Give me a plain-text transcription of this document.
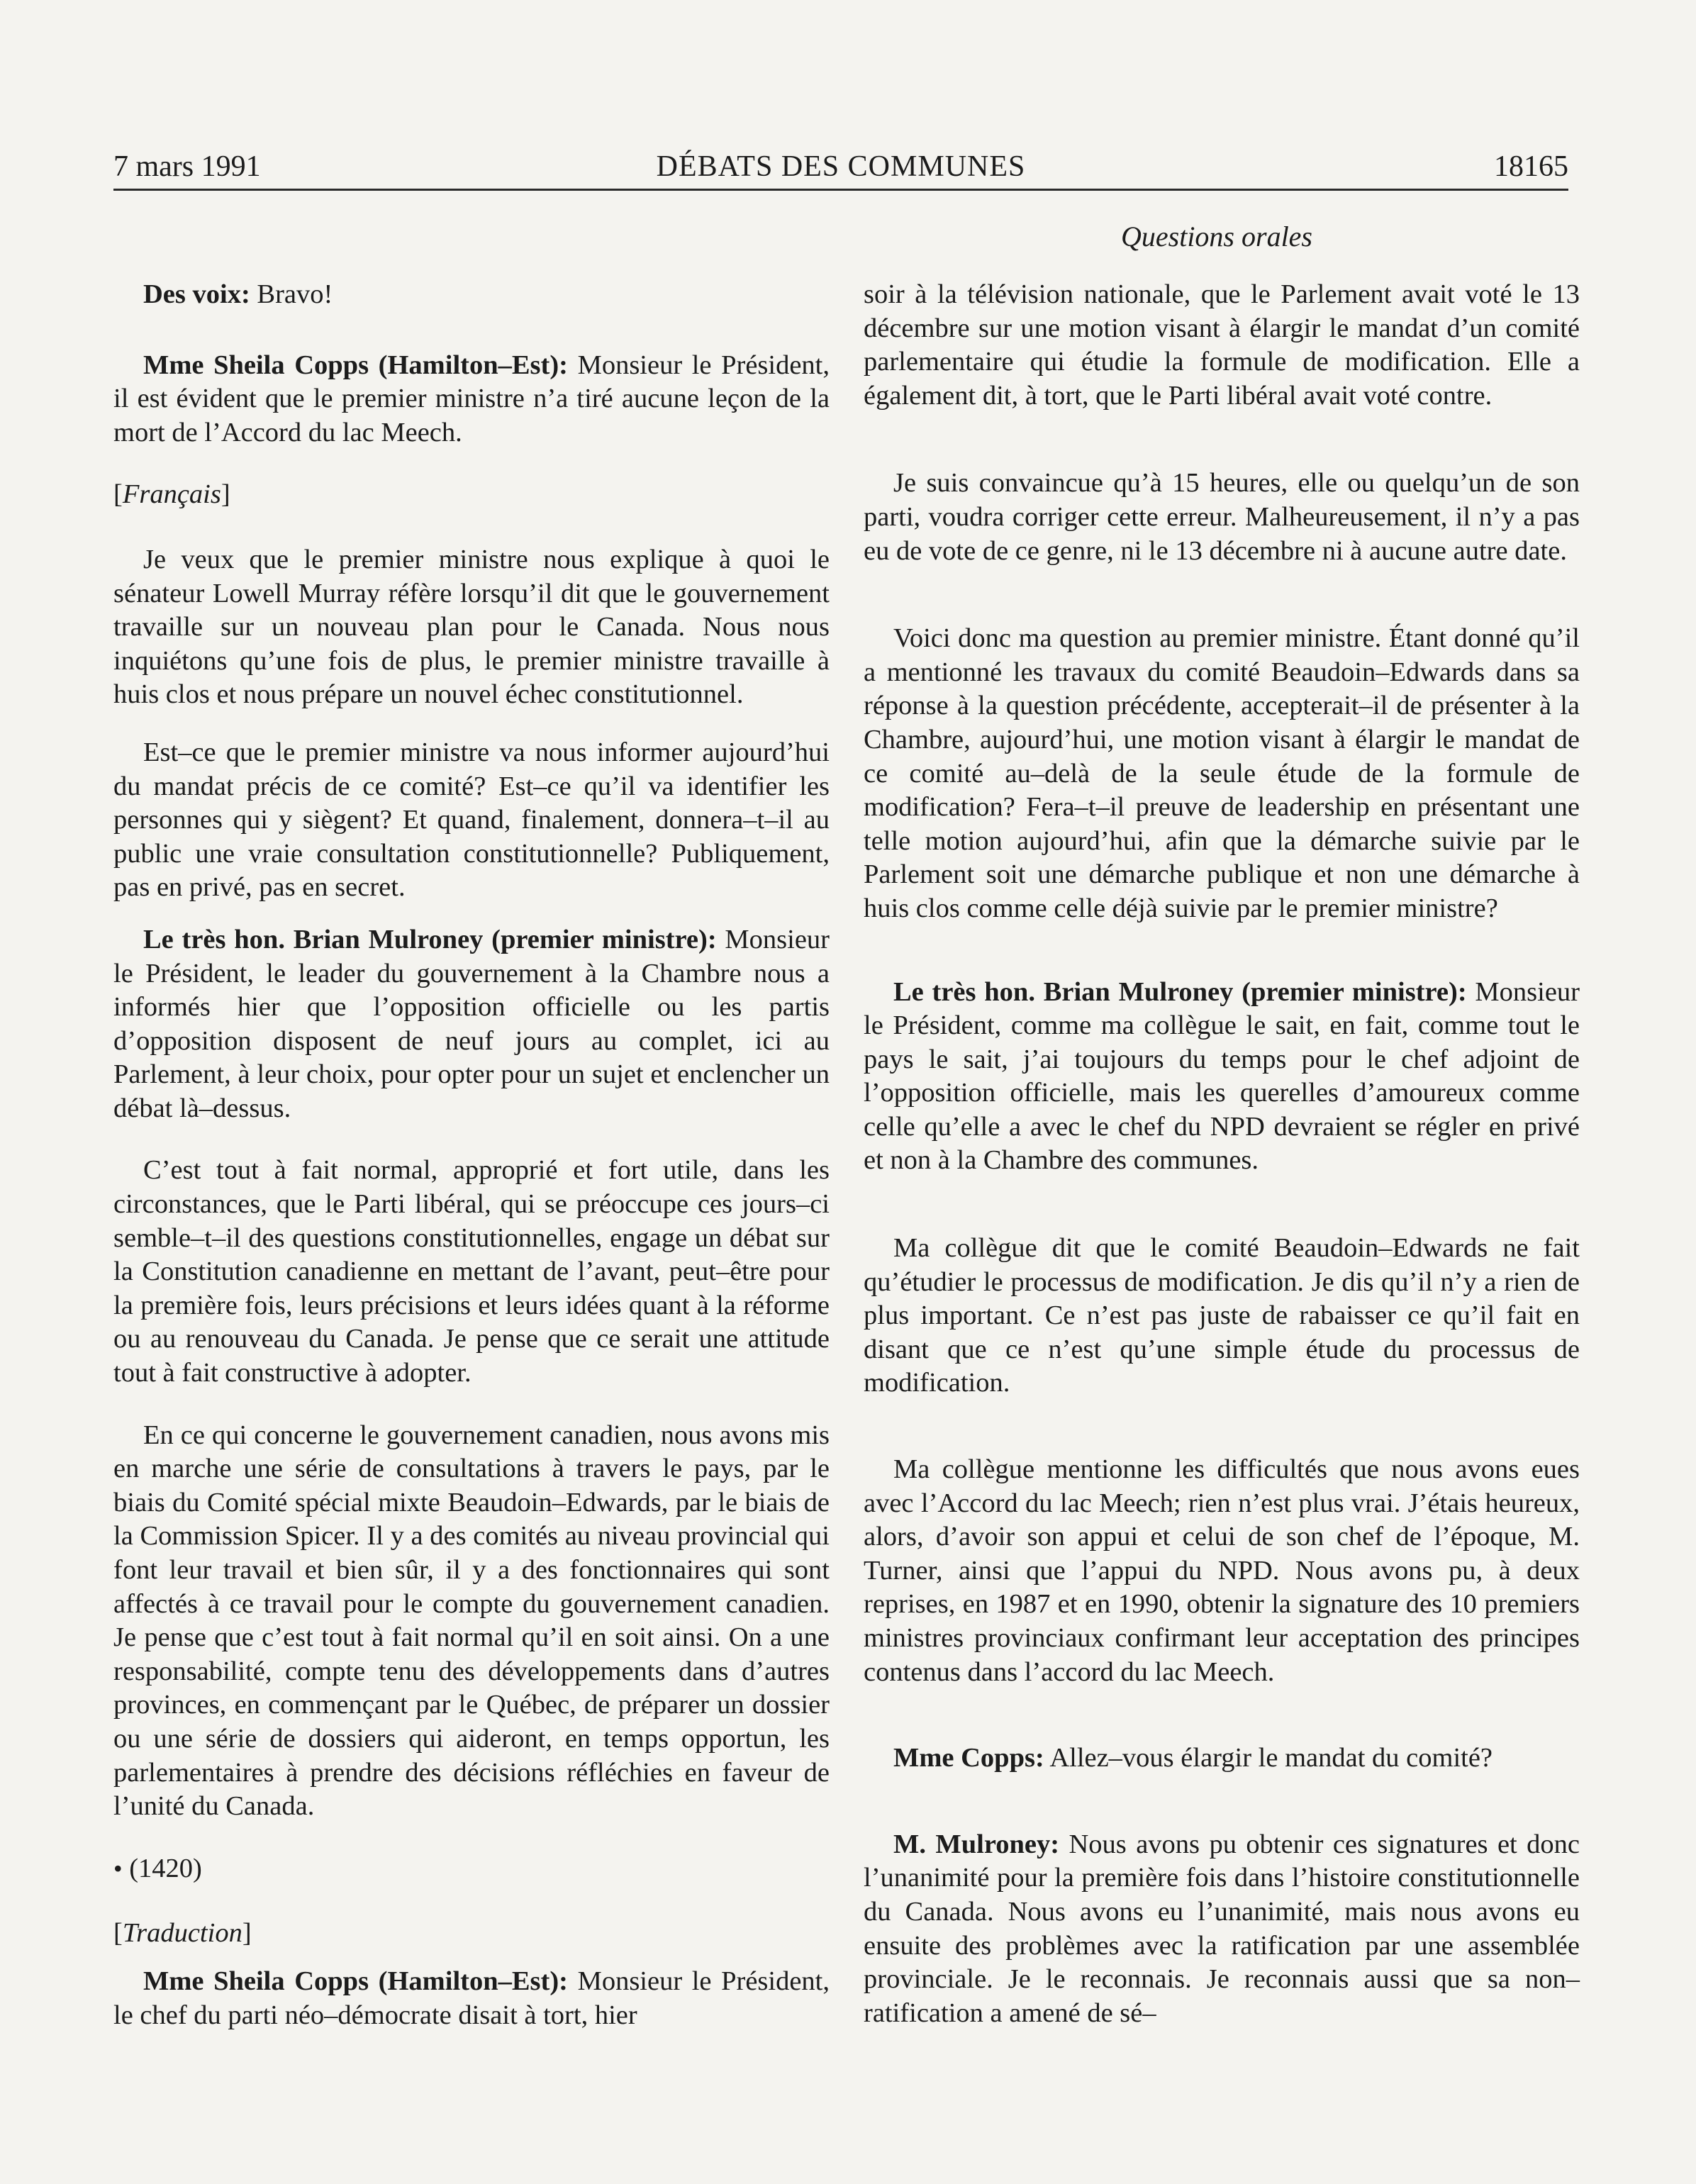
7 mars 1991	DÉBATS DES COMMUNES	18165
Questions orales

Des voix: Bravo!

Mme Sheila Copps (Hamilton–Est): Monsieur le Président, il est évident que le premier ministre n’a tiré aucune leçon de la mort de l’Accord du lac Meech.

[Français]

Je veux que le premier ministre nous explique à quoi le sénateur Lowell Murray réfère lorsqu’il dit que le gouvernement travaille sur un nouveau plan pour le Canada. Nous nous inquiétons qu’une fois de plus, le premier ministre travaille à huis clos et nous prépare un nouvel échec constitutionnel.

Est–ce que le premier ministre va nous informer aujourd’hui du mandat précis de ce comité? Est–ce qu’il va identifier les personnes qui y siègent? Et quand, finalement, donnera–t–il au public une vraie consultation constitutionnelle? Publiquement, pas en privé, pas en secret.

Le très hon. Brian Mulroney (premier ministre): Monsieur le Président, le leader du gouvernement à la Chambre nous a informés hier que l’opposition officielle ou les partis d’opposition disposent de neuf jours au complet, ici au Parlement, à leur choix, pour opter pour un sujet et enclencher un débat là–dessus.

C’est tout à fait normal, approprié et fort utile, dans les circonstances, que le Parti libéral, qui se préoccupe ces jours–ci semble–t–il des questions constitutionnelles, engage un débat sur la Constitution canadienne en mettant de l’avant, peut–être pour la première fois, leurs précisions et leurs idées quant à la réforme ou au renouveau du Canada. Je pense que ce serait une attitude tout à fait constructive à adopter.

En ce qui concerne le gouvernement canadien, nous avons mis en marche une série de consultations à travers le pays, par le biais du Comité spécial mixte Beaudoin–Edwards, par le biais de la Commission Spicer. Il y a des comités au niveau provincial qui font leur travail et bien sûr, il y a des fonctionnaires qui sont affectés à ce travail pour le compte du gouvernement canadien. Je pense que c’est tout à fait normal qu’il en soit ainsi. On a une responsabilité, compte tenu des développements dans d’autres provinces, en commençant par le Québec, de préparer un dossier ou une série de dossiers qui aideront, en temps opportun, les parlementaires à prendre des décisions réfléchies en faveur de l’unité du Canada.

• (1420)

[Traduction]

Mme Sheila Copps (Hamilton–Est): Monsieur le Président, le chef du parti néo–démocrate disait à tort, hier

soir à la télévision nationale, que le Parlement avait voté le 13 décembre sur une motion visant à élargir le mandat d’un comité parlementaire qui étudie la formule de modification. Elle a également dit, à tort, que le Parti libéral avait voté contre.

Je suis convaincue qu’à 15 heures, elle ou quelqu’un de son parti, voudra corriger cette erreur. Malheureusement, il n’y a pas eu de vote de ce genre, ni le 13 décembre ni à aucune autre date.

Voici donc ma question au premier ministre. Étant donné qu’il a mentionné les travaux du comité Beaudoin–Edwards dans sa réponse à la question précédente, accepterait–il de présenter à la Chambre, aujourd’hui, une motion visant à élargir le mandat de ce comité au–delà de la seule étude de la formule de modification? Fera–t–il preuve de leadership en présentant une telle motion aujourd’hui, afin que la démarche suivie par le Parlement soit une démarche publique et non une démarche à huis clos comme celle déjà suivie par le premier ministre?

Le très hon. Brian Mulroney (premier ministre): Monsieur le Président, comme ma collègue le sait, en fait, comme tout le pays le sait, j’ai toujours du temps pour le chef adjoint de l’opposition officielle, mais les querelles d’amoureux comme celle qu’elle a avec le chef du NPD devraient se régler en privé et non à la Chambre des communes.

Ma collègue dit que le comité Beaudoin–Edwards ne fait qu’étudier le processus de modification. Je dis qu’il n’y a rien de plus important. Ce n’est pas juste de rabaisser ce qu’il fait en disant que ce n’est qu’une simple étude du processus de modification.

Ma collègue mentionne les difficultés que nous avons eues avec l’Accord du lac Meech; rien n’est plus vrai. J’étais heureux, alors, d’avoir son appui et celui de son chef de l’époque, M. Turner, ainsi que l’appui du NPD. Nous avons pu, à deux reprises, en 1987 et en 1990, obtenir la signature des 10 premiers ministres provinciaux confirmant leur acceptation des principes contenus dans l’accord du lac Meech.

Mme Copps: Allez–vous élargir le mandat du comité?

M. Mulroney: Nous avons pu obtenir ces signatures et donc l’unanimité pour la première fois dans l’histoire constitutionnelle du Canada. Nous avons eu l’unanimité, mais nous avons eu ensuite des problèmes avec la ratification par une assemblée provinciale. Je le reconnais. Je reconnais aussi que sa non–ratification a amené de sé–
